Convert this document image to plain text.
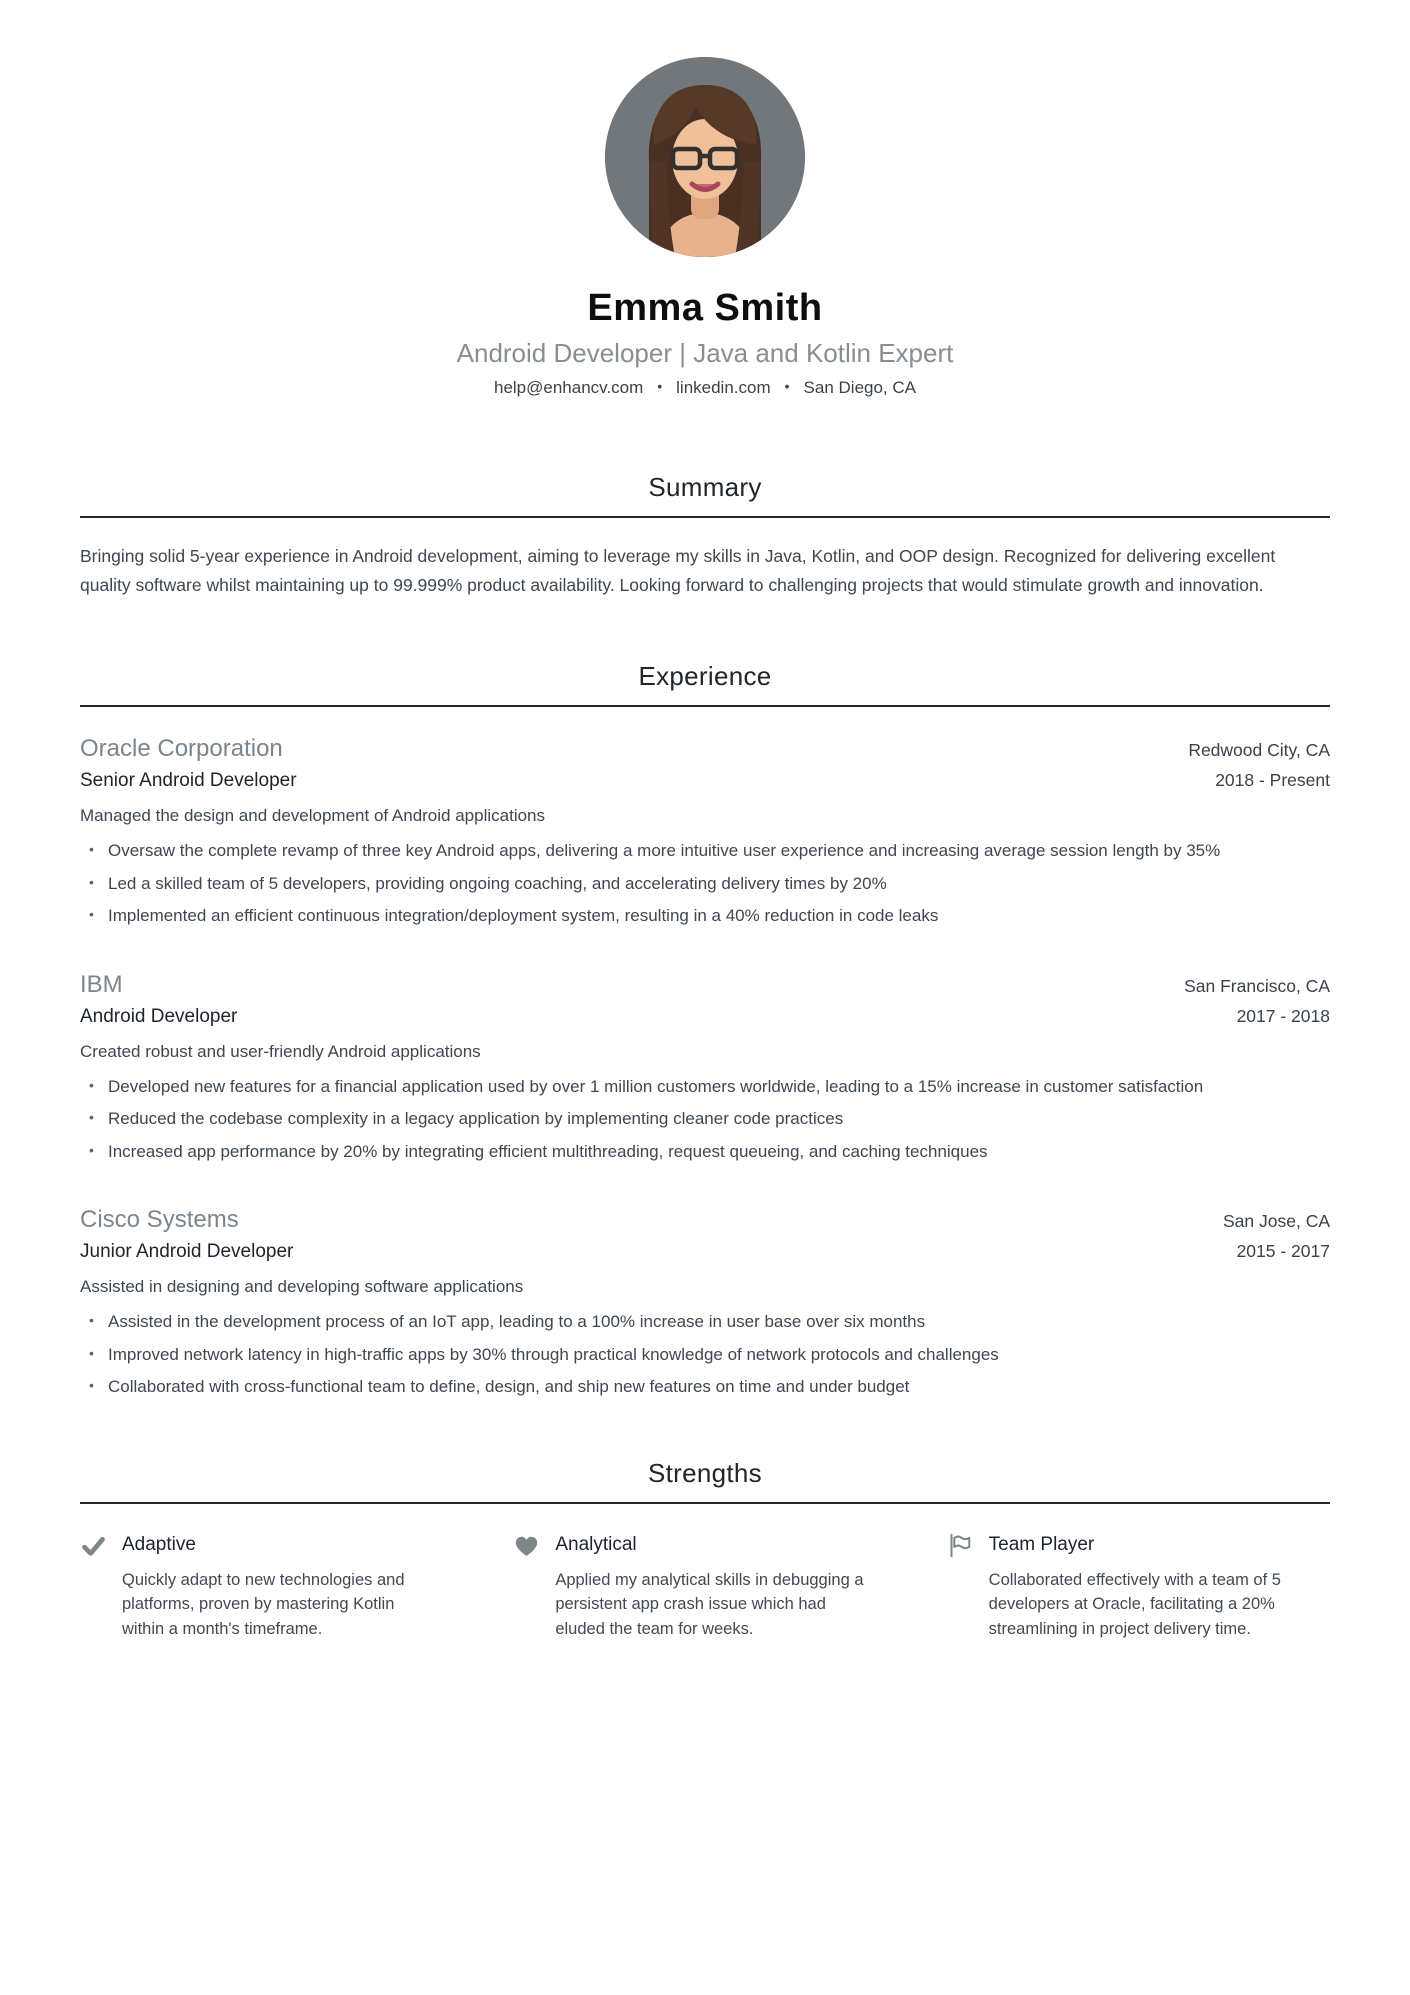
Emma Smith
Android Developer | Java and Kotlin Expert
help@enhancv.com • linkedin.com • San Diego, CA
Summary

Bringing solid 5-year experience in Android development, aiming to leverage my skills in Java, Kotlin, and OOP design. Recognized for delivering excellent quality software whilst maintaining up to 99.999% product availability. Looking forward to challenging projects that would stimulate growth and innovation.

Experience
Oracle Corporation	Redwood City, CA
Senior Android Developer	2018 - Present
Managed the design and development of Android applications
• Oversaw the complete revamp of three key Android apps, delivering a more intuitive user experience and increasing average session length by 35%
• Led a skilled team of 5 developers, providing ongoing coaching, and accelerating delivery times by 20%
• Implemented an efficient continuous integration/deployment system, resulting in a 40% reduction in code leaks
IBM	San Francisco, CA
Android Developer	2017 - 2018
Created robust and user-friendly Android applications
• Developed new features for a financial application used by over 1 million customers worldwide, leading to a 15% increase in customer satisfaction
• Reduced the codebase complexity in a legacy application by implementing cleaner code practices
• Increased app performance by 20% by integrating efficient multithreading, request queueing, and caching techniques
Cisco Systems	San Jose, CA
Junior Android Developer	2015 - 2017
Assisted in designing and developing software applications
• Assisted in the development process of an IoT app, leading to a 100% increase in user base over six months
• Improved network latency in high-traffic apps by 30% through practical knowledge of network protocols and challenges
• Collaborated with cross-functional team to define, design, and ship new features on time and under budget
Strengths
Adaptive
Quickly adapt to new technologies and platforms, proven by mastering Kotlin within a month's timeframe.
Analytical
Applied my analytical skills in debugging a persistent app crash issue which had eluded the team for weeks.
Team Player
Collaborated effectively with a team of 5 developers at Oracle, facilitating a 20% streamlining in project delivery time.
